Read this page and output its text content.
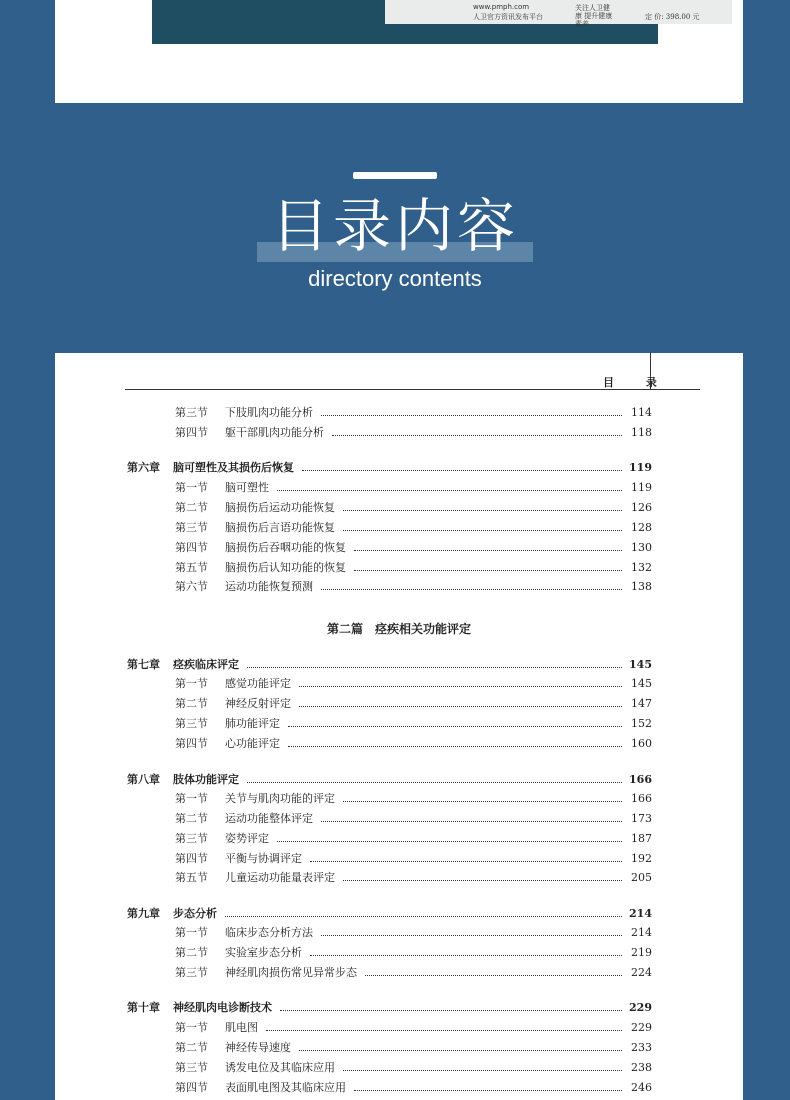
www.pmph.com
人卫官方资讯发布平台
关注人卫健康 提升健康素养
定 价: 398.00 元
目录内容
directory contents
目 录
第二篇　痉疾相关功能评定
第三节	下肢肌肉功能分析	114
第四节	躯干部肌肉功能分析	118
第六章	脑可塑性及其损伤后恢复	119
第一节	脑可塑性	119
第二节	脑损伤后运动功能恢复	126
第三节	脑损伤后言语功能恢复	128
第四节	脑损伤后吞咽功能的恢复	130
第五节	脑损伤后认知功能的恢复	132
第六节	运动功能恢复预测	138
第七章	痉疾临床评定	145
第一节	感觉功能评定	145
第二节	神经反射评定	147
第三节	肺功能评定	152
第四节	心功能评定	160
第八章	肢体功能评定	166
第一节	关节与肌肉功能的评定	166
第二节	运动功能整体评定	173
第三节	姿势评定	187
第四节	平衡与协调评定	192
第五节	儿童运动功能量表评定	205
第九章	步态分析	214
第一节	临床步态分析方法	214
第二节	实验室步态分析	219
第三节	神经肌肉损伤常见异常步态	224
第十章	神经肌肉电诊断技术	229
第一节	肌电图	229
第二节	神经传导速度	233
第三节	诱发电位及其临床应用	238
第四节	表面肌电图及其临床应用	246
